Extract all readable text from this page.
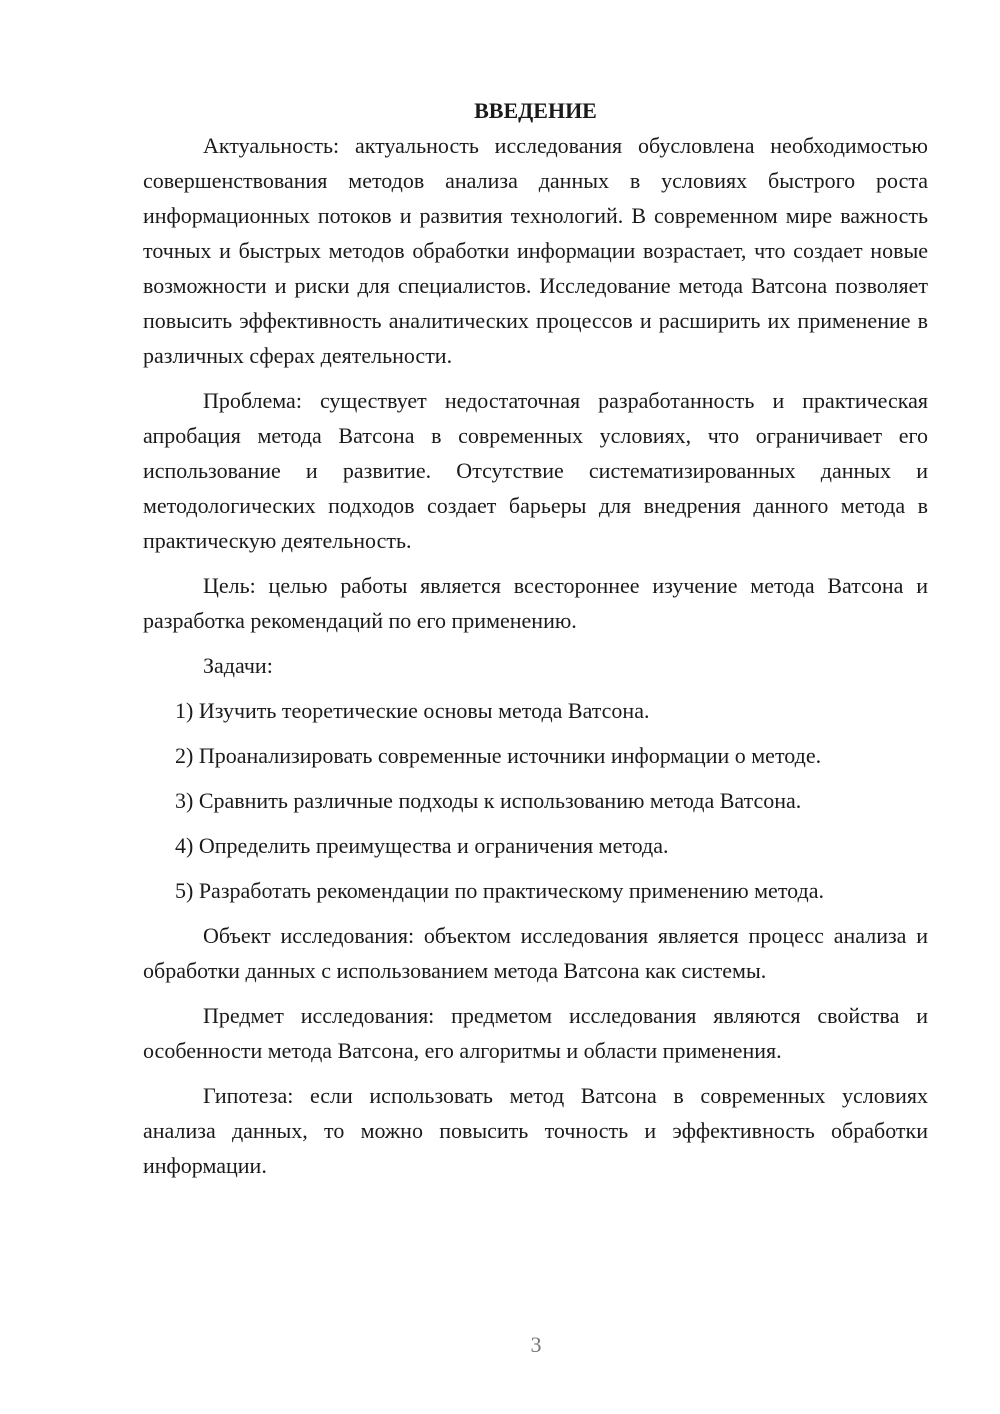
ВВЕДЕНИЕ

Актуальность: актуальность исследования обусловлена необходимостью совершенствования методов анализа данных в условиях быстрого роста информационных потоков и развития технологий. В современном мире важность точных и быстрых методов обработки информации возрастает, что создает новые возможности и риски для специалистов. Исследование метода Ватсона позволяет повысить эффективность аналитических процессов и расширить их применение в различных сферах деятельности.

Проблема: существует недостаточная разработанность и практическая апробация метода Ватсона в современных условиях, что ограничивает его использование и развитие. Отсутствие систематизированных данных и методологических подходов создает барьеры для внедрения данного метода в практическую деятельность.

Цель: целью работы является всестороннее изучение метода Ватсона и разработка рекомендаций по его применению.

Задачи:

1) Изучить теоретические основы метода Ватсона.

2) Проанализировать современные источники информации о методе.

3) Сравнить различные подходы к использованию метода Ватсона.

4) Определить преимущества и ограничения метода.

5) Разработать рекомендации по практическому применению метода.

Объект исследования: объектом исследования является процесс анализа и обработки данных с использованием метода Ватсона как системы.

Предмет исследования: предметом исследования являются свойства и особенности метода Ватсона, его алгоритмы и области применения.

Гипотеза: если использовать метод Ватсона в современных условиях анализа данных, то можно повысить точность и эффективность обработки информации.

3
